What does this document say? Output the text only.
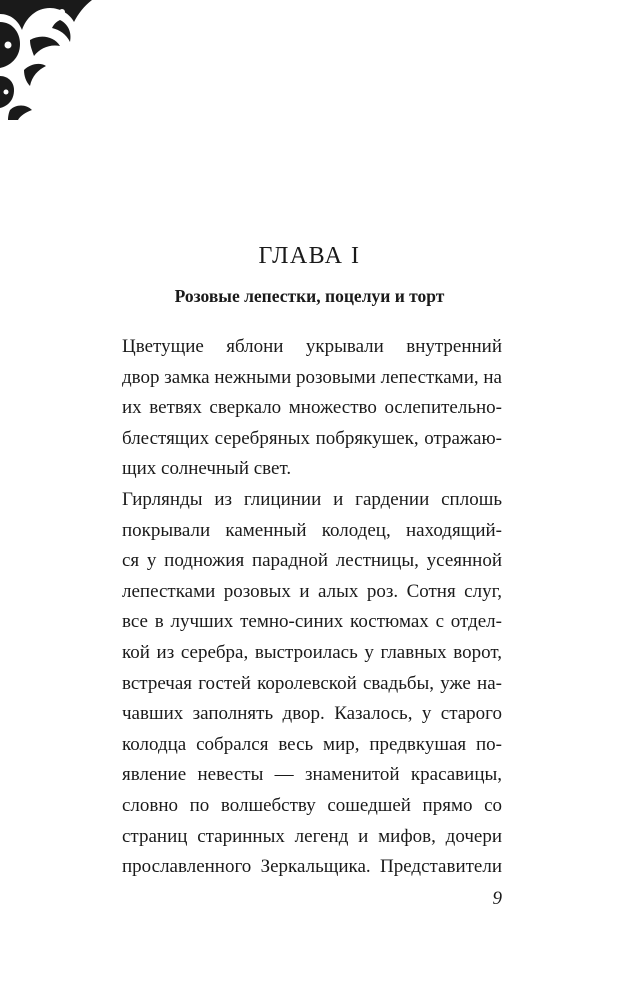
ГЛАВА I
Розовые лепестки, поцелуи и торт

Цветущие яблони укрывали внутренний
двор замка нежными розовыми лепестками, на
их ветвях сверкало множество ослепительно-
блестящих серебряных побрякушек, отражаю-
щих солнечный свет.

Гирлянды из глицинии и гардении сплошь
покрывали каменный колодец, находящий-
ся у подножия парадной лестницы, усеянной
лепестками розовых и алых роз. Сотня слуг,
все в лучших темно-синих костюмах с отдел-
кой из серебра, выстроилась у главных ворот,
встречая гостей королевской свадьбы, уже на-
чавших заполнять двор. Казалось, у старого
колодца собрался весь мир, предвкушая по-
явление невесты — знаменитой красавицы,
словно по волшебству сошедшей прямо со
страниц старинных легенд и мифов, дочери
прославленного Зеркальщика. Представители

9
